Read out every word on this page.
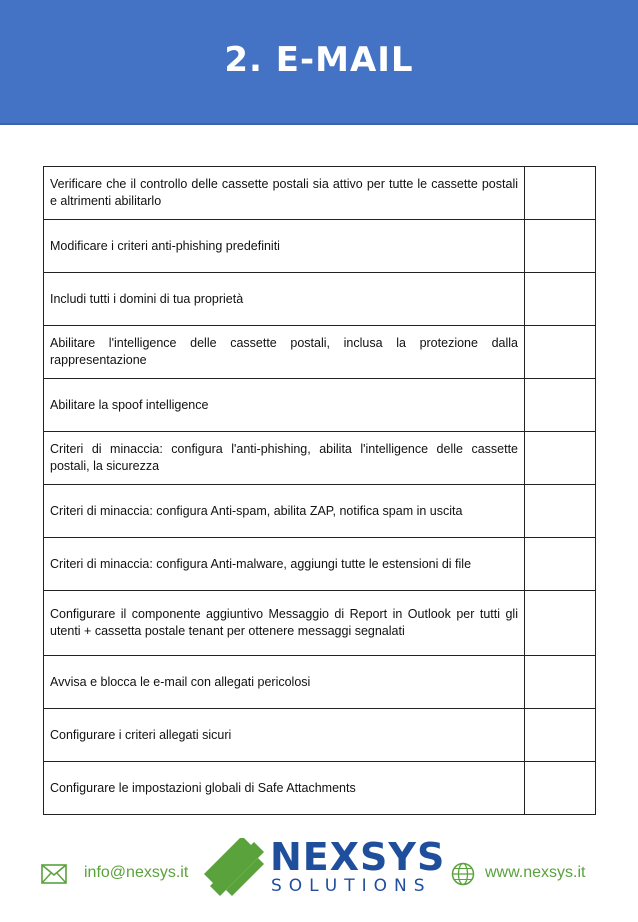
2. E-MAIL
Verificare che il controllo delle cassette postali sia attivo per tutte le cassette postali e altrimenti abilitarlo	
Modificare i criteri anti-phishing predefiniti	
Includi tutti i domini di tua proprietà	
Abilitare l'intelligence delle cassette postali, inclusa la protezione dalla rappresentazione	
Abilitare la spoof intelligence	
Criteri di minaccia: configura l'anti-phishing, abilita l'intelligence delle cassette postali, la sicurezza	
Criteri di minaccia: configura Anti-spam, abilita ZAP, notifica spam in uscita	
Criteri di minaccia: configura Anti-malware, aggiungi tutte le estensioni di file	
Configurare il componente aggiuntivo Messaggio di Report in Outlook per tutti gli utenti + cassetta postale tenant per ottenere messaggi segnalati	
Avvisa e blocca le e-mail con allegati pericolosi	
Configurare i criteri allegati sicuri	
Configurare le impostazioni globali di Safe Attachments	
info@nexsys.it NEXSYS
SOLUTIONS
www.nexsys.it
